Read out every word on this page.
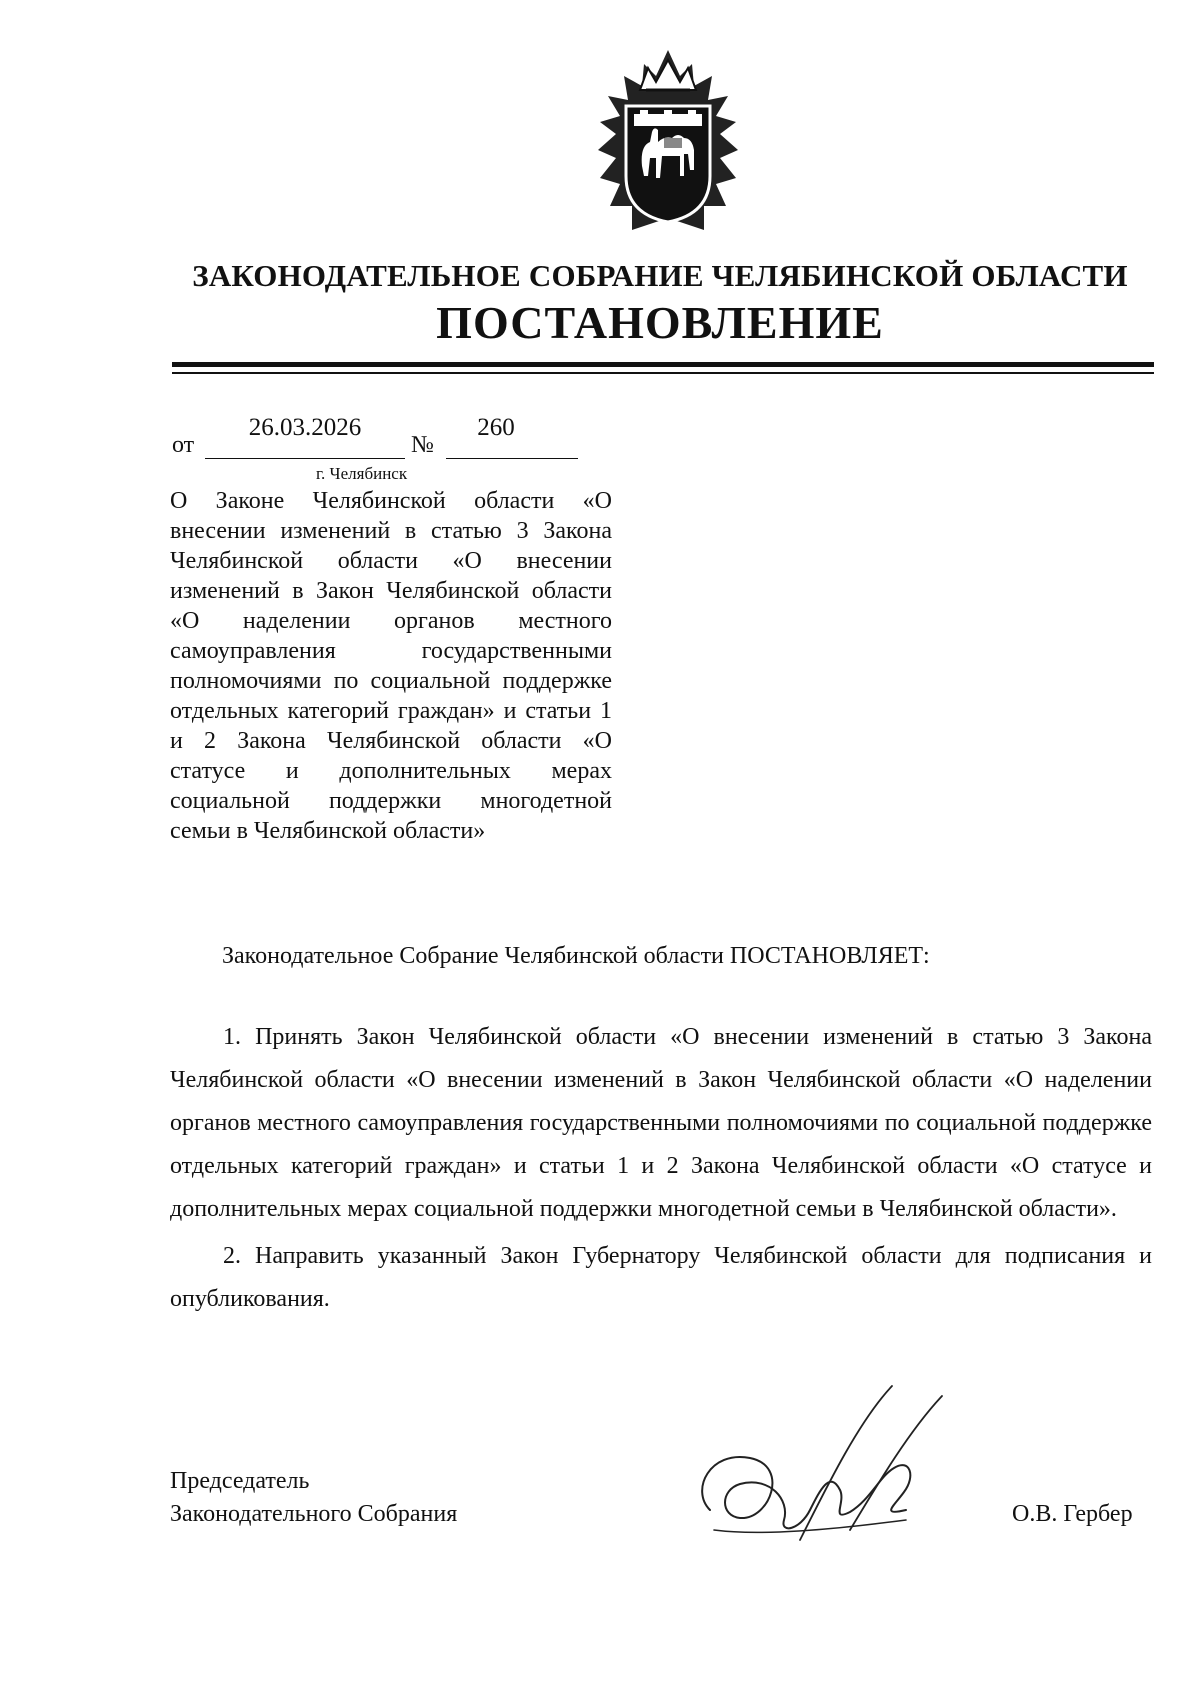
ЗАКОНОДАТЕЛЬНОЕ СОБРАНИЕ ЧЕЛЯБИНСКОЙ ОБЛАСТИ
ПОСТАНОВЛЕНИЕ
от
26.03.2026
№
260
г. Челябинск
О Законе Челябинской области «О внесении изменений в статью 3 Закона Челябинской области «О внесении изменений в Закон Челябинской области «О наделении органов местного самоуправления государственными полномочиями по социальной поддержке отдельных категорий граждан» и статьи 1 и 2 Закона Челябинской области «О статусе и дополнительных мерах социальной поддержки многодетной семьи в Челябинской области»
Законодательное Собрание Челябинской области ПОСТАНОВЛЯЕТ:

1. Принять Закон Челябинской области «О внесении изменений в статью 3 Закона Челябинской области «О внесении изменений в Закон Челябинской области «О наделении органов местного самоуправления государственными полномочиями по социальной поддержке отдельных категорий граждан» и статьи 1 и 2 Закона Челябинской области «О статусе и дополнительных мерах социальной поддержки многодетной семьи в Челябинской области».

2. Направить указанный Закон Губернатору Челябинской области для подписания и опубликования.

Председатель
Законодательного Собрания	О.В. Гербер
